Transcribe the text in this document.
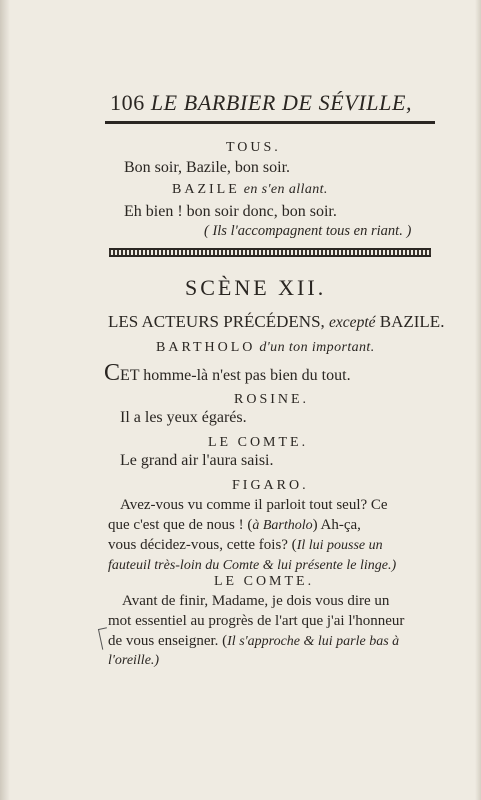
106 LE BARBIER DE SÉVILLE,
TOUS.
Bon soir, Bazile, bon soir.
BAZILE en s'en allant.
Eh bien ! bon soir donc, bon soir.
( Ils l'accompagnent tous en riant. )
SCÈNE XII.
LES ACTEURS PRÉCÉDENS, excepté BAZILE.
BARTHOLO d'un ton important.
CET homme-là n'est pas bien du tout.
ROSINE.
Il a les yeux égarés.
LE COMTE.
Le grand air l'aura saisi.
FIGARO.
Avez-vous vu comme il parloit tout seul? Ce
que c'est que de nous ! (à Bartholo) Ah-ça,
vous décidez-vous, cette fois? (Il lui pousse un
fauteuil très-loin du Comte & lui présente le linge.)
LE COMTE.
Avant de finir, Madame, je dois vous dire un
mot essentiel au progrès de l'art que j'ai l'honneur
de vous enseigner. (Il s'approche & lui parle bas à
l'oreille.)
